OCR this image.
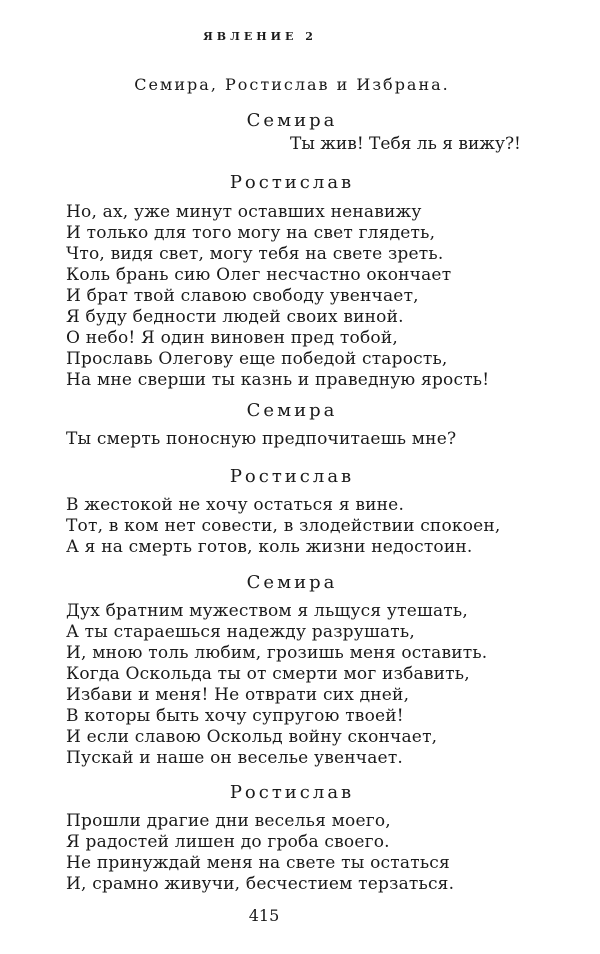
ЯВЛЕНИЕ 2
Семира, Ростислав и Избрана.
Семира
Ты жив! Тебя ль я вижу?!
Ростислав
Но, ах, уже минут оставших ненавижу
И только для того могу на свет глядеть,
Что, видя свет, могу тебя на свете зреть.
Коль брань сию Олег несчастно окончает
И брат твой славою свободу увенчает,
Я буду бедности людей своих виной.
О небо! Я один виновен пред тобой,
Прославь Олегову еще победой старость,
На мне сверши ты казнь и праведную ярость!
Семира
Ты смерть поносную предпочитаешь мне?
Ростислав
В жестокой не хочу остаться я вине.
Тот, в ком нет совести, в злодействии спокоен,
А я на смерть готов, коль жизни недостоин.
Семира
Дух братним мужеством я льщуся утешать,
А ты стараешься надежду разрушать,
И, мною толь любим, грозишь меня оставить.
Когда Оскольда ты от смерти мог избавить,
Избави и меня! Не отврати сих дней,
В которы быть хочу супругою твоей!
И если славою Оскольд войну скончает,
Пускай и наше он веселье увенчает.
Ростислав
Прошли драгие дни веселья моего,
Я радостей лишен до гроба своего.
Не принуждай меня на свете ты остаться
И, срамно живучи, бесчестием терзаться.
415
